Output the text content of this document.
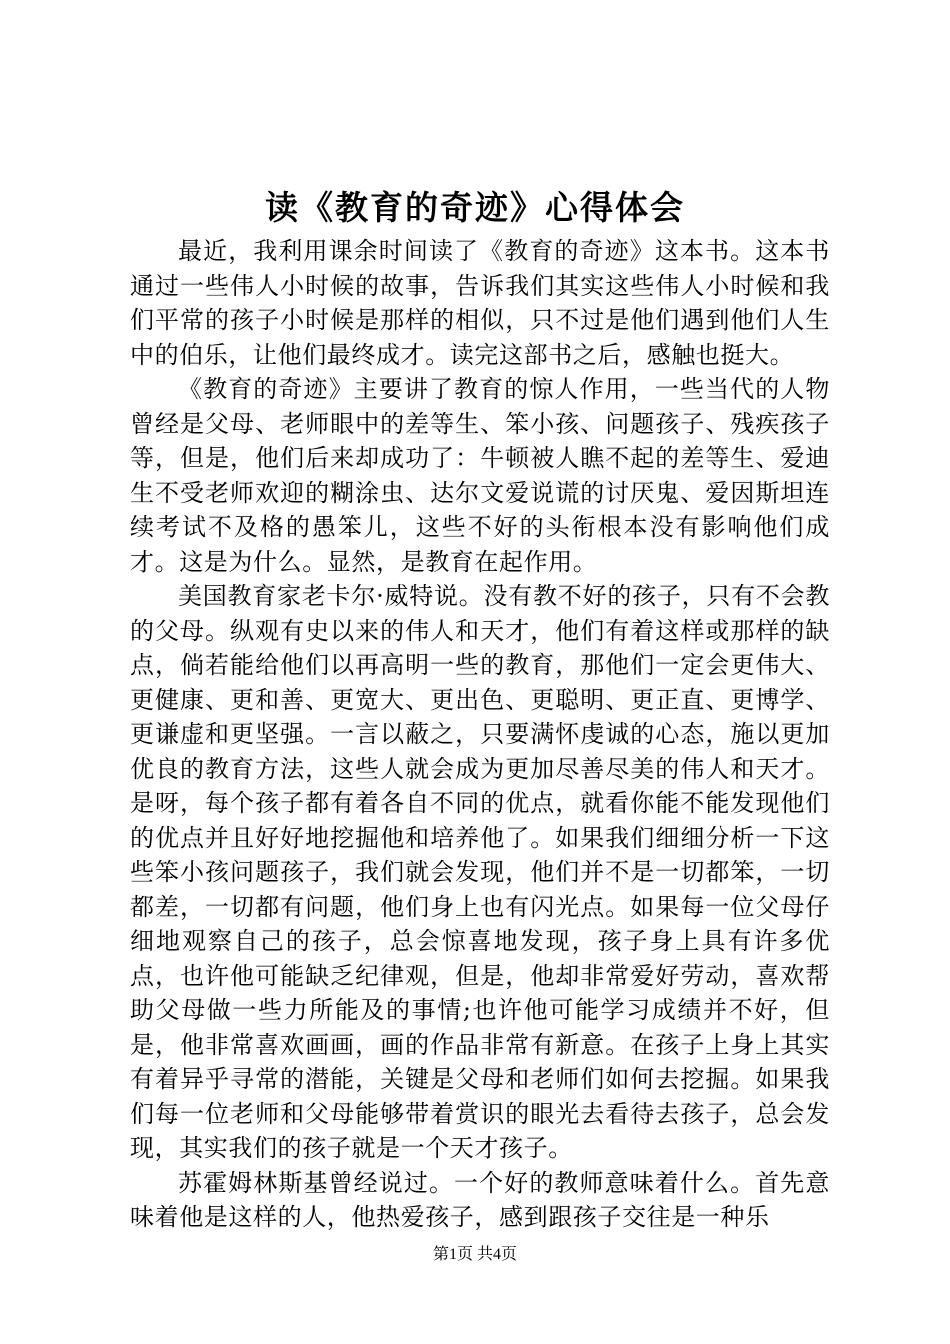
读《教育的奇迹》心得体会

最近，我利用课余时间读了《教育的奇迹》这本书。这本书通过一些伟人小时候的故事，告诉我们其实这些伟人小时候和我们平常的孩子小时候是那样的相似，只不过是他们遇到他们人生中的伯乐，让他们最终成才。读完这部书之后，感触也挺大。

《教育的奇迹》主要讲了教育的惊人作用，一些当代的人物曾经是父母、老师眼中的差等生、笨小孩、问题孩子、残疾孩子等，但是，他们后来却成功了：牛顿被人瞧不起的差等生、爱迪生不受老师欢迎的糊涂虫、达尔文爱说谎的讨厌鬼、爱因斯坦连续考试不及格的愚笨儿，这些不好的头衔根本没有影响他们成才。这是为什么。显然，是教育在起作用。

美国教育家老卡尔·威特说。没有教不好的孩子，只有不会教的父母。纵观有史以来的伟人和天才，他们有着这样或那样的缺点，倘若能给他们以再高明一些的教育，那他们一定会更伟大、更健康、更和善、更宽大、更出色、更聪明、更正直、更博学、更谦虚和更坚强。一言以蔽之，只要满怀虔诚的心态，施以更加优良的教育方法，这些人就会成为更加尽善尽美的伟人和天才。是呀，每个孩子都有着各自不同的优点，就看你能不能发现他们的优点并且好好地挖掘他和培养他了。如果我们细细分析一下这些笨小孩问题孩子，我们就会发现，他们并不是一切都笨，一切都差，一切都有问题，他们身上也有闪光点。如果每一位父母仔细地观察自己的孩子，总会惊喜地发现，孩子身上具有许多优点，也许他可能缺乏纪律观，但是，他却非常爱好劳动，喜欢帮助父母做一些力所能及的事情;也许他可能学习成绩并不好，但是，他非常喜欢画画，画的作品非常有新意。在孩子上身上其实有着异乎寻常的潜能，关键是父母和老师们如何去挖掘。如果我们每一位老师和父母能够带着赏识的眼光去看待去孩子，总会发现，其实我们的孩子就是一个天才孩子。

苏霍姆林斯基曾经说过。一个好的教师意味着什么。首先意味着他是这样的人，他热爱孩子，感到跟孩子交往是一种乐

第1页 共4页
